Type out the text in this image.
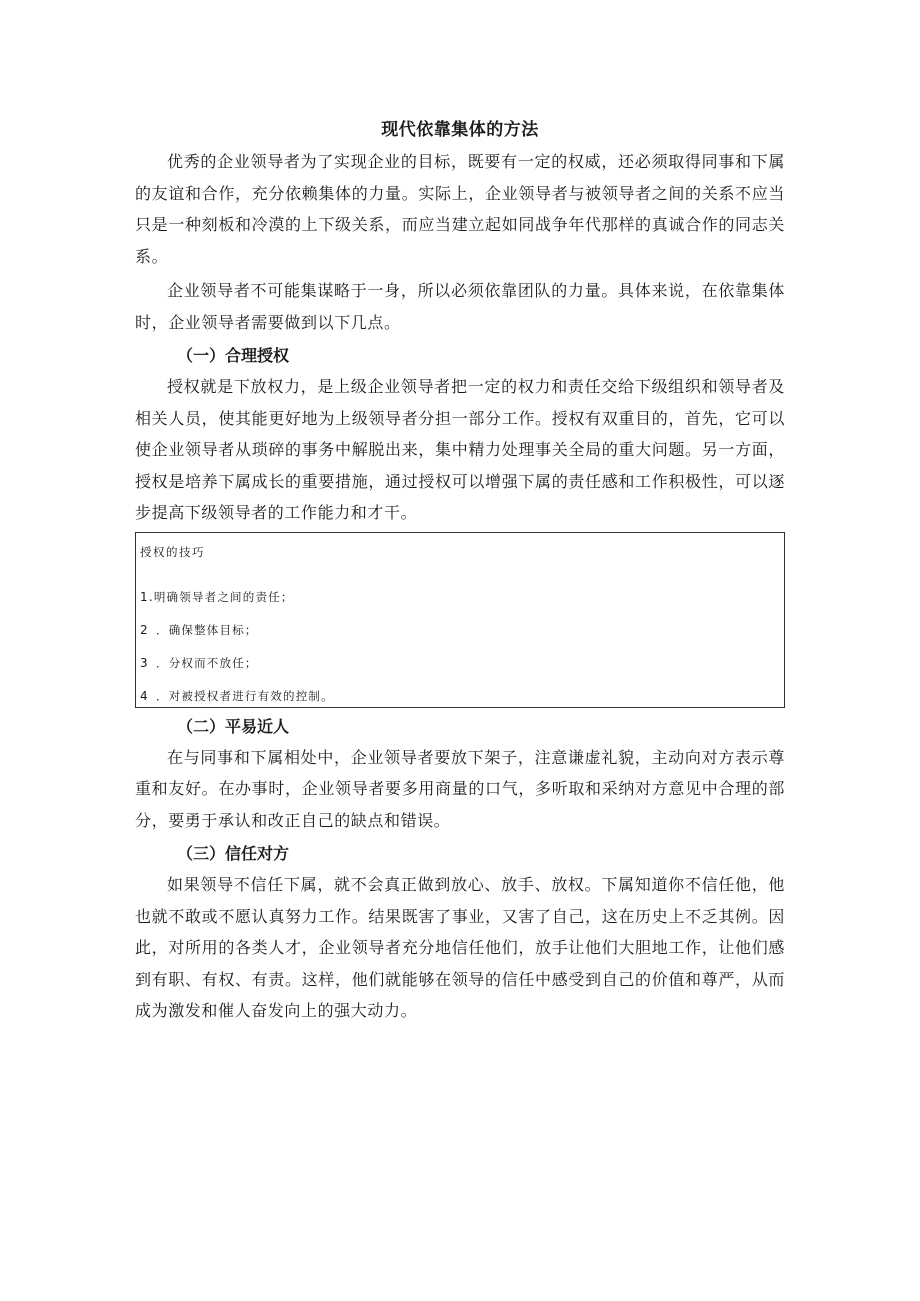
现代依靠集体的方法

优秀的企业领导者为了实现企业的目标，既要有一定的权威，还必须取得同事和下属的友谊和合作，充分依赖集体的力量。实际上，企业领导者与被领导者之间的关系不应当只是一种刻板和冷漠的上下级关系，而应当建立起如同战争年代那样的真诚合作的同志关系。

企业领导者不可能集谋略于一身，所以必须依靠团队的力量。具体来说，在依靠集体时，企业领导者需要做到以下几点。

（一）合理授权

授权就是下放权力，是上级企业领导者把一定的权力和责任交给下级组织和领导者及相关人员，使其能更好地为上级领导者分担一部分工作。授权有双重目的，首先，它可以使企业领导者从琐碎的事务中解脱出来，集中精力处理事关全局的重大问题。另一方面，授权是培养下属成长的重要措施，通过授权可以增强下属的责任感和工作积极性，可以逐步提高下级领导者的工作能力和才干。

授权的技巧

1.明确领导者之间的责任；

2 ．确保整体目标；

3 ．分权而不放任；

4 ．对被授权者进行有效的控制。

（二）平易近人

在与同事和下属相处中，企业领导者要放下架子，注意谦虚礼貌，主动向对方表示尊重和友好。在办事时，企业领导者要多用商量的口气，多听取和采纳对方意见中合理的部分，要勇于承认和改正自己的缺点和错误。

（三）信任对方

如果领导不信任下属，就不会真正做到放心、放手、放权。下属知道你不信任他，他也就不敢或不愿认真努力工作。结果既害了事业，又害了自己，这在历史上不乏其例。因此，对所用的各类人才，企业领导者充分地信任他们，放手让他们大胆地工作，让他们感到有职、有权、有责。这样，他们就能够在领导的信任中感受到自己的价值和尊严，从而成为激发和催人奋发向上的强大动力。
